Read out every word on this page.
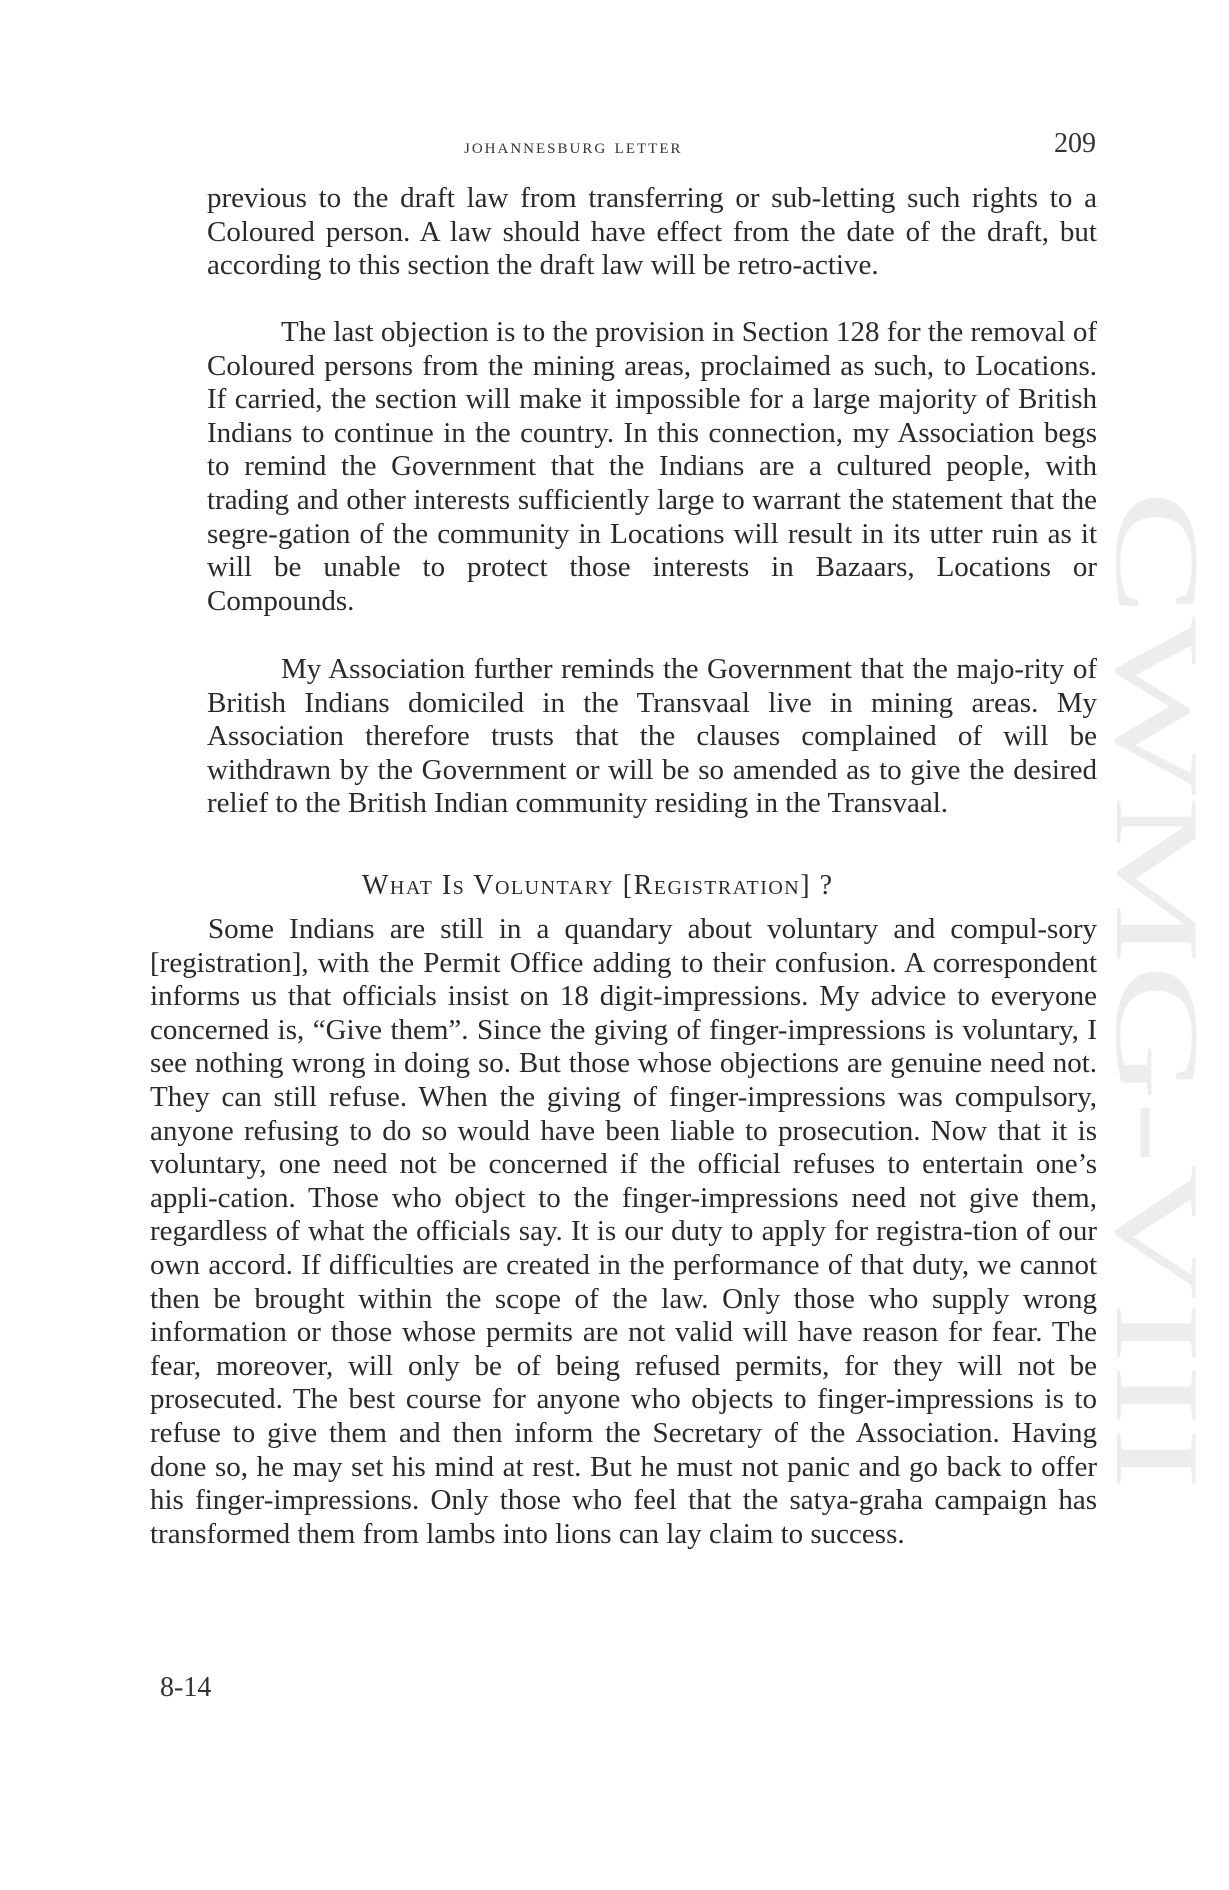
CWMG-VIII
johannesburg letter	209

previous to the draft law from transferring or sub-letting such rights to a Coloured person. A law should have effect from the date of the draft, but according to this section the draft law will be retro-active.

The last objection is to the provision in Section 128 for the removal of Coloured persons from the mining areas, proclaimed as such, to Locations. If carried, the section will make it impossible for a large majority of British Indians to continue in the country. In this connection, my Association begs to remind the Government that the Indians are a cultured people, with trading and other interests sufficiently large to warrant the statement that the segre-gation of the community in Locations will result in its utter ruin as it will be unable to protect those interests in Bazaars, Locations or Compounds.

My Association further reminds the Government that the majo-rity of British Indians domiciled in the Transvaal live in mining areas. My Association therefore trusts that the clauses complained of will be withdrawn by the Government or will be so amended as to give the desired relief to the British Indian community residing in the Transvaal.

What Is Voluntary [Registration] ?

Some Indians are still in a quandary about voluntary and compul-sory [registration], with the Permit Office adding to their confusion. A correspondent informs us that officials insist on 18 digit-impressions. My advice to everyone concerned is, “Give them”. Since the giving of finger-impressions is voluntary, I see nothing wrong in doing so. But those whose objections are genuine need not. They can still refuse. When the giving of finger-impressions was compulsory, anyone refusing to do so would have been liable to prosecution. Now that it is voluntary, one need not be concerned if the official refuses to entertain one’s appli-cation. Those who object to the finger-impressions need not give them, regardless of what the officials say. It is our duty to apply for registra-tion of our own accord. If difficulties are created in the performance of that duty, we cannot then be brought within the scope of the law. Only those who supply wrong information or those whose permits are not valid will have reason for fear. The fear, moreover, will only be of being refused permits, for they will not be prosecuted. The best course for anyone who objects to finger-impressions is to refuse to give them and then inform the Secretary of the Association. Having done so, he may set his mind at rest. But he must not panic and go back to offer his finger-impressions. Only those who feel that the satya-graha campaign has transformed them from lambs into lions can lay claim to success.

8-14
